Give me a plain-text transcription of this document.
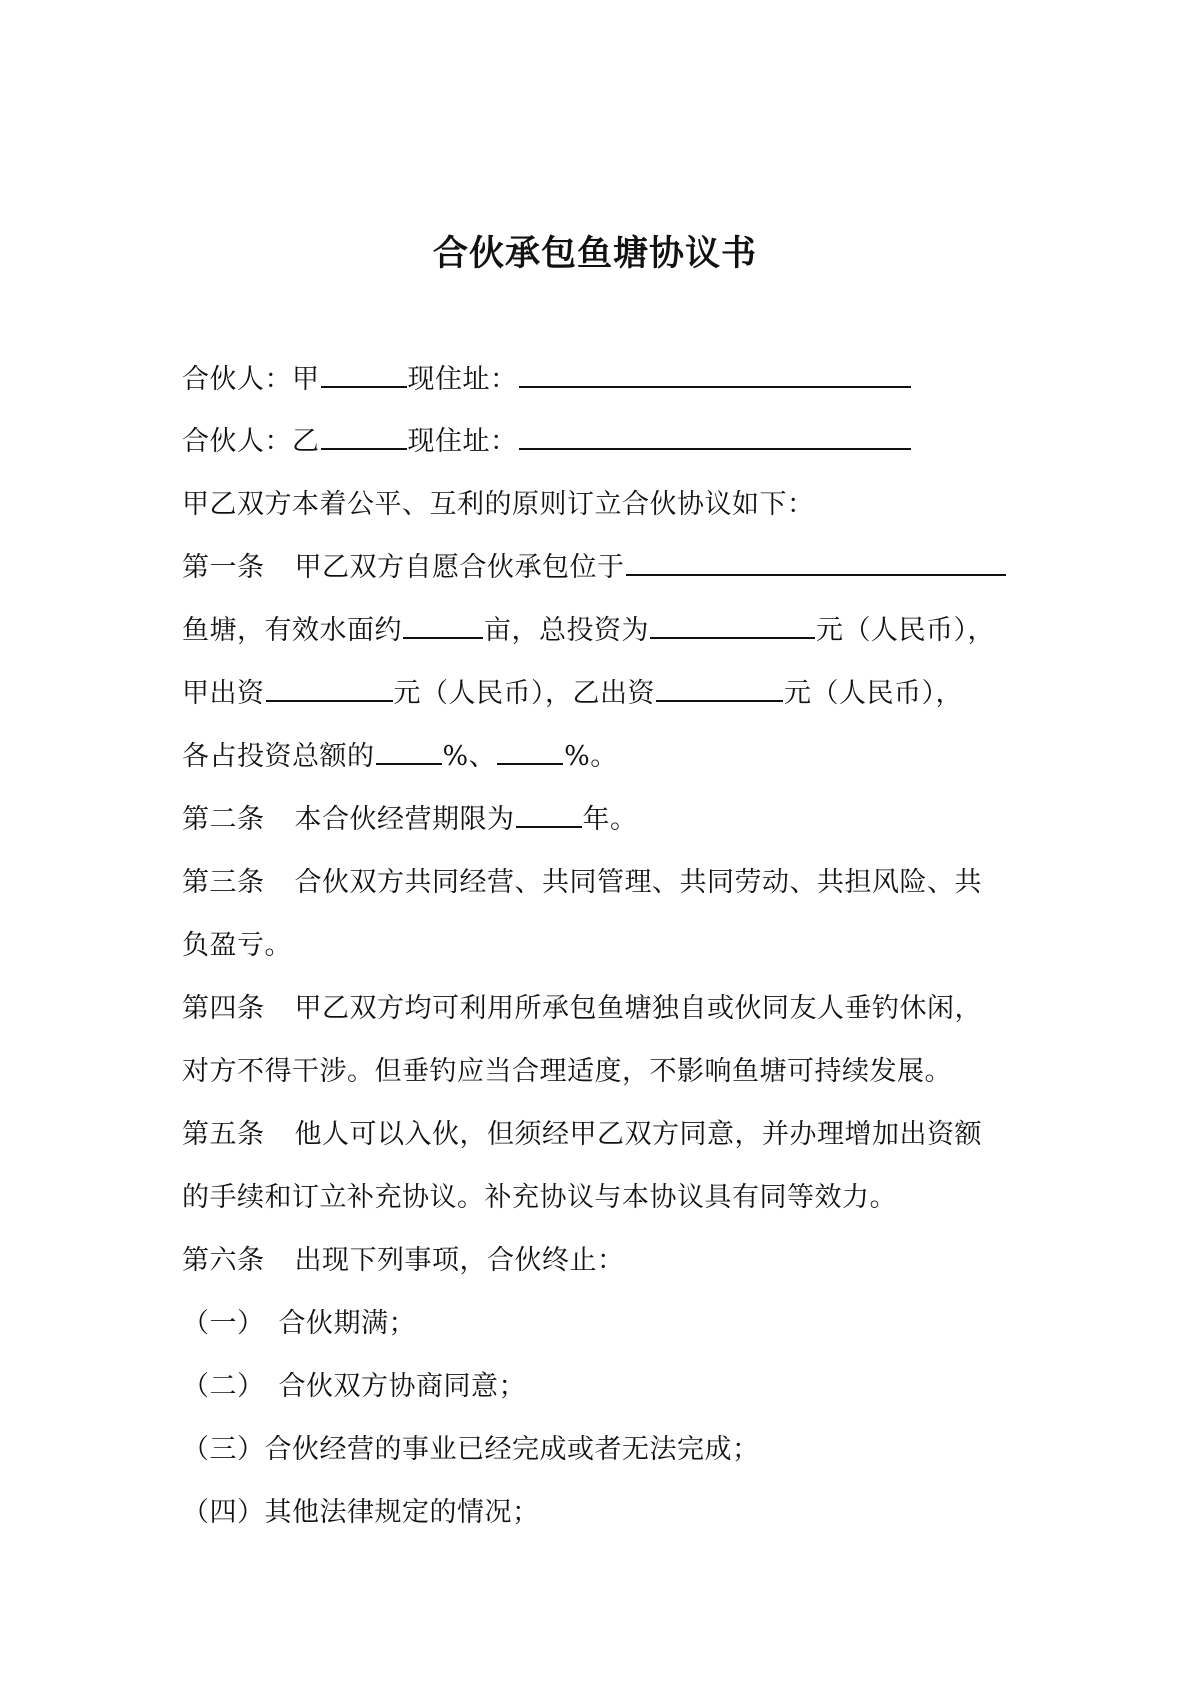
合伙承包鱼塘协议书
合伙人：甲	现住址：
合伙人：乙	现住址：
甲乙双方本着公平、互利的原则订立合伙协议如下：
第一条 甲乙双方自愿合伙承包位于
鱼塘，有效水面约	亩，总投资为	元（人民币），
甲出资	元（人民币），乙出资	元（人民币），
各占投资总额的	%、	%。
第二条 本合伙经营期限为	年。
第三条 合伙双方共同经营、共同管理、共同劳动、共担风险、共
负盈亏。
第四条 甲乙双方均可利用所承包鱼塘独自或伙同友人垂钓休闲，
对方不得干涉。但垂钓应当合理适度，不影响鱼塘可持续发展。
第五条 他人可以入伙，但须经甲乙双方同意，并办理增加出资额
的手续和订立补充协议。补充协议与本协议具有同等效力。
第六条 出现下列事项，合伙终止：
（一） 合伙期满；
（二） 合伙双方协商同意；
（三）合伙经营的事业已经完成或者无法完成；
（四）其他法律规定的情况；
